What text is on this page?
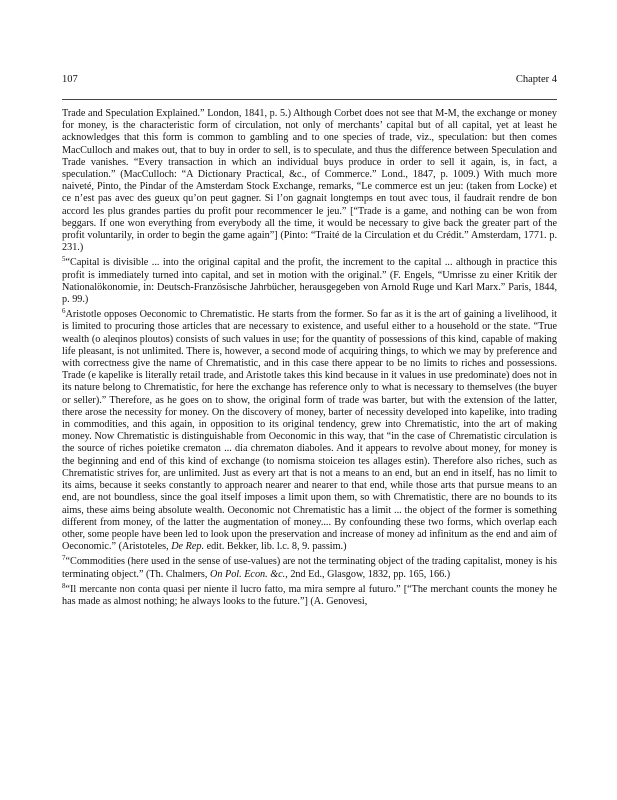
107	Chapter 4

Trade and Speculation Explained.” London, 1841, p. 5.) Although Corbet does not see that M-M, the exchange or money for money, is the characteristic form of circulation, not only of merchants’ capital but of all capital, yet at least he acknowledges that this form is common to gambling and to one species of trade, viz., speculation: but then comes MacCulloch and makes out, that to buy in order to sell, is to speculate, and thus the difference between Speculation and Trade vanishes. “Every transaction in which an individual buys produce in order to sell it again, is, in fact, a speculation.” (MacCulloch: “A Dictionary Practical, &c., of Commerce.” Lond., 1847, p. 1009.) With much more naiveté, Pinto, the Pindar of the Amsterdam Stock Exchange, remarks, “Le commerce est un jeu: (taken from Locke) et ce n’est pas avec des gueux qu’on peut gagner. Si l’on gagnait longtemps en tout avec tous, il faudrait rendre de bon accord les plus grandes parties du profit pour recommencer le jeu.” [“Trade is a game, and nothing can be won from beggars. If one won everything from everybody all the time, it would be necessary to give back the greater part of the profit voluntarily, in order to begin the game again”] (Pinto: “Traité de la Circulation et du Crédit.” Amsterdam, 1771. p. 231.)

$^5$“Capital is divisible ... into the original capital and the profit, the increment to the capital ... although in practice this profit is immediately turned into capital, and set in motion with the original.” (F. Engels, “Umrisse zu einer Kritik der Nationalökonomie, in: Deutsch-Französische Jahrbücher, herausgegeben von Arnold Ruge und Karl Marx.” Paris, 1844, p. 99.)

$^6$Aristotle opposes Oeconomic to Chrematistic. He starts from the former. So far as it is the art of gaining a livelihood, it is limited to procuring those articles that are necessary to existence, and useful either to a household or the state. “True wealth (o aleqinos ploutos) consists of such values in use; for the quantity of possessions of this kind, capable of making life pleasant, is not unlimited. There is, however, a second mode of acquiring things, to which we may by preference and with correctness give the name of Chrematistic, and in this case there appear to be no limits to riches and possessions. Trade (e kapelike is literally retail trade, and Aristotle takes this kind because in it values in use predominate) does not in its nature belong to Chrematistic, for here the exchange has reference only to what is necessary to themselves (the buyer or seller).” Therefore, as he goes on to show, the original form of trade was barter, but with the extension of the latter, there arose the necessity for money. On the discovery of money, barter of necessity developed into kapelike, into trading in commodities, and this again, in opposition to its original tendency, grew into Chrematistic, into the art of making money. Now Chrematistic is distinguishable from Oeconomic in this way, that “in the case of Chrematistic circulation is the source of riches poietike crematon ... dia chrematon diaboles. And it appears to revolve about money, for money is the beginning and end of this kind of exchange (to nomisma stoiceion tes allages estin). Therefore also riches, such as Chrematistic strives for, are unlimited. Just as every art that is not a means to an end, but an end in itself, has no limit to its aims, because it seeks constantly to approach nearer and nearer to that end, while those arts that pursue means to an end, are not boundless, since the goal itself imposes a limit upon them, so with Chrematistic, there are no bounds to its aims, these aims being absolute wealth. Oeconomic not Chrematistic has a limit ... the object of the former is something different from money, of the latter the augmentation of money.... By confounding these two forms, which overlap each other, some people have been led to look upon the preservation and increase of money ad infinitum as the end and aim of Oeconomic.” (Aristoteles, De Rep. edit. Bekker, lib. l.c. 8, 9. passim.)

$^7$“Commodities (here used in the sense of use-values) are not the terminating object of the trading capitalist, money is his terminating object.” (Th. Chalmers, On Pol. Econ. &c., 2nd Ed., Glasgow, 1832, pp. 165, 166.)

$^8$“Il mercante non conta quasi per niente il lucro fatto, ma mira sempre al futuro.” [“The merchant counts the money he has made as almost nothing; he always looks to the future.”] (A. Genovesi,
